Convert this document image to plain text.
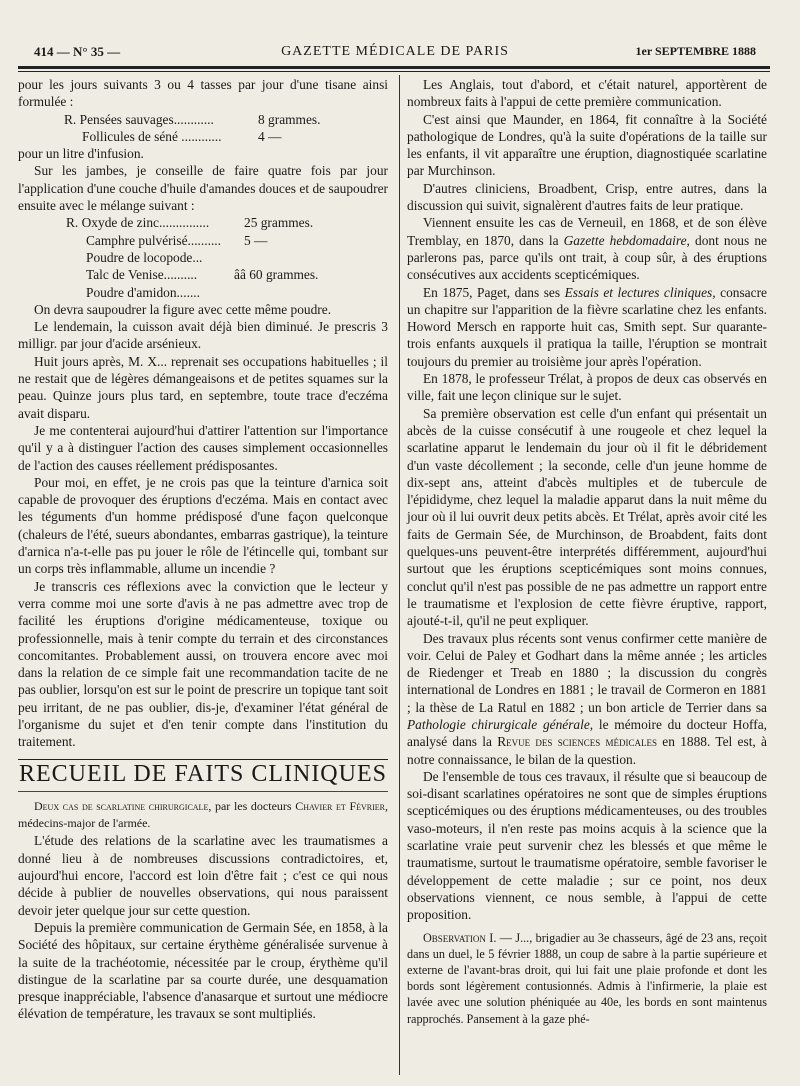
414 — N° 35 —	GAZETTE MÉDICALE DE PARIS	1er SEPTEMBRE 1888

pour les jours suivants 3 ou 4 tasses par jour d'une tisane ainsi formulée :

R. Pensées sauvages............	8 grammes.
Follicules de séné ............	4 —

pour un litre d'infusion.

Sur les jambes, je conseille de faire quatre fois par jour l'application d'une couche d'huile d'amandes douces et de saupoudrer ensuite avec le mélange suivant :

R. Oxyde de zinc...............	25 grammes.
Camphre pulvérisé..........	5 —
Poudre de locopode...
Talc de Venise..........	ââ 60 grammes.
Poudre d'amidon.......

On devra saupoudrer la figure avec cette même poudre.

Le lendemain, la cuisson avait déjà bien diminué. Je prescris 3 milligr. par jour d'acide arsénieux.

Huit jours après, M. X... reprenait ses occupations habituelles ; il ne restait que de légères démangeaisons et de petites squames sur la peau. Quinze jours plus tard, en septembre, toute trace d'eczéma avait disparu.

Je me contenterai aujourd'hui d'attirer l'attention sur l'importance qu'il y a à distinguer l'action des causes simplement occasionnelles de l'action des causes réellement prédisposantes.

Pour moi, en effet, je ne crois pas que la teinture d'arnica soit capable de provoquer des éruptions d'eczéma. Mais en contact avec les téguments d'un homme prédisposé d'une façon quelconque (chaleurs de l'été, sueurs abondantes, embarras gastrique), la teinture d'arnica n'a-t-elle pas pu jouer le rôle de l'étincelle qui, tombant sur un corps très inflammable, allume un incendie ?

Je transcris ces réflexions avec la conviction que le lecteur y verra comme moi une sorte d'avis à ne pas admettre avec trop de facilité les éruptions d'origine médicamenteuse, toxique ou professionnelle, mais à tenir compte du terrain et des circonstances concomitantes. Probablement aussi, on trouvera encore avec moi dans la relation de ce simple fait une recommandation tacite de ne pas oublier, lorsqu'on est sur le point de prescrire un topique tant soit peu irritant, de ne pas oublier, dis-je, d'examiner l'état général de l'organisme du sujet et d'en tenir compte dans l'institution du traitement.

RECUEIL DE FAITS CLINIQUES

Deux cas de scarlatine chirurgicale, par les docteurs Chavier et Février, médecins-major de l'armée.

L'étude des relations de la scarlatine avec les traumatismes a donné lieu à de nombreuses discussions contradictoires, et, aujourd'hui encore, l'accord est loin d'être fait ; c'est ce qui nous décide à publier de nouvelles observations, qui nous paraissent devoir jeter quelque jour sur cette question.

Depuis la première communication de Germain Sée, en 1858, à la Société des hôpitaux, sur certaine érythème généralisée survenue à la suite de la trachéotomie, nécessitée par le croup, érythème qu'il distingue de la scarlatine par sa courte durée, une desquamation presque inappréciable, l'absence d'anasarque et surtout une médiocre élévation de température, les travaux se sont multipliés.

Les Anglais, tout d'abord, et c'était naturel, apportèrent de nombreux faits à l'appui de cette première communication.

C'est ainsi que Maunder, en 1864, fit connaître à la Société pathologique de Londres, qu'à la suite d'opérations de la taille sur les enfants, il vit apparaître une éruption, diagnostiquée scarlatine par Murchinson.

D'autres cliniciens, Broadbent, Crisp, entre autres, dans la discussion qui suivit, signalèrent d'autres faits de leur pratique.

Viennent ensuite les cas de Verneuil, en 1868, et de son élève Tremblay, en 1870, dans la Gazette hebdomadaire, dont nous ne parlerons pas, parce qu'ils ont trait, à coup sûr, à des éruptions consécutives aux accidents scepticémiques.

En 1875, Paget, dans ses Essais et lectures cliniques, consacre un chapitre sur l'apparition de la fièvre scarlatine chez les enfants. Howord Mersch en rapporte huit cas, Smith sept. Sur quarante-trois enfants auxquels il pratiqua la taille, l'éruption se montrait toujours du premier au troisième jour après l'opération.

En 1878, le professeur Trélat, à propos de deux cas observés en ville, fait une leçon clinique sur le sujet.

Sa première observation est celle d'un enfant qui présentait un abcès de la cuisse consécutif à une rougeole et chez lequel la scarlatine apparut le lendemain du jour où il fit le débridement d'un vaste décollement ; la seconde, celle d'un jeune homme de dix-sept ans, atteint d'abcès multiples et de tubercule de l'épididyme, chez lequel la maladie apparut dans la nuit même du jour où il lui ouvrit deux petits abcès. Et Trélat, après avoir cité les faits de Germain Sée, de Murchinson, de Broabdent, faits dont quelques-uns peuvent-être interprétés différemment, aujourd'hui surtout que les éruptions scepticémiques sont moins connues, conclut qu'il n'est pas possible de ne pas admettre un rapport entre le traumatisme et l'explosion de cette fièvre éruptive, rapport, ajouté-t-il, qu'il ne peut expliquer.

Des travaux plus récents sont venus confirmer cette manière de voir. Celui de Paley et Godhart dans la même année ; les articles de Riedenger et Treab en 1880 ; la discussion du congrès international de Londres en 1881 ; le travail de Cormeron en 1881 ; la thèse de La Ratul en 1882 ; un bon article de Terrier dans sa Pathologie chirurgicale générale, le mémoire du docteur Hoffa, analysé dans la Revue des sciences médicales en 1888. Tel est, à notre connaissance, le bilan de la question.

De l'ensemble de tous ces travaux, il résulte que si beaucoup de soi-disant scarlatines opératoires ne sont que de simples éruptions scepticémiques ou des éruptions médicamenteuses, ou des troubles vaso-moteurs, il n'en reste pas moins acquis à la science que la scarlatine vraie peut survenir chez les blessés et que même le traumatisme, surtout le traumatisme opératoire, semble favoriser le développement de cette maladie ; sur ce point, nos deux observations viennent, ce nous semble, à l'appui de cette proposition.

Observation I. — J..., brigadier au 3e chasseurs, âgé de 23 ans, reçoit dans un duel, le 5 février 1888, un coup de sabre à la partie supérieure et externe de l'avant-bras droit, qui lui fait une plaie profonde et dont les bords sont légèrement contusionnés. Admis à l'infirmerie, la plaie est lavée avec une solution phéniquée au 40e, les bords en sont maintenus rapprochés. Pansement à la gaze phé-
